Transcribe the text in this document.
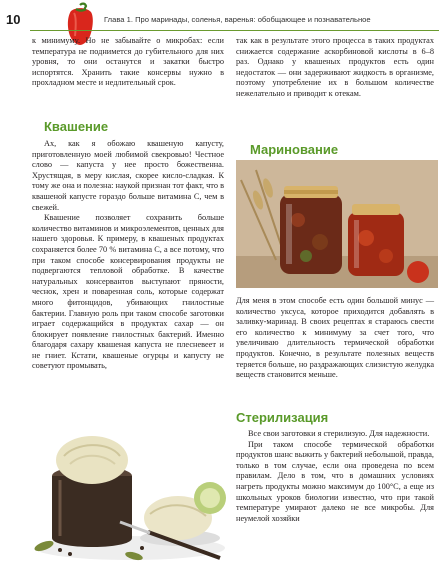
10	Глава 1. Про маринады, соленья, варенья: обобщающее и познавательное

к минимуму. Но не забывайте о микробах: если температура не поднимется до губительного для них уровня, то они останутся и закатки быстро испортятся. Хранить такие консервы нужно в прохладном месте и недлительный срок.

Квашение

Ах, как я обожаю квашеную капусту, приготовленную моей любимой свекровью! Честное слово — капуста у нее просто божественна. Хрустящая, в меру кислая, скорее кисло-сладкая. К тому же она и полезна: наукой признан тот факт, что в квашеной капусте гораздо больше витамина С, чем в свежей.

Квашение позволяет сохранить больше количество витаминов и микроэлементов, ценных для нашего здоровья. К примеру, в квашеных продуктах сохраняется более 70 % витамина С, а все потому, что при таком способе консервирования продукты не подвергаются тепловой обработке. В качестве натуральных консервантов выступают пряности, чеснок, хрен и поваренная соль, которые содержат много фитонцидов, убивающих гнилостные бактерии. Главную роль при таком способе заготовки играет содержащийся в продуктах сахар — он блокирует появление гнилостных бактерий. Именно благодаря сахару квашеная капуста не плесневеет и не гниет. Кстати, квашеные огурцы и капусту не советуют промывать,

так как в результате этого процесса в таких продуктах снижается содержание аскорбиновой кислоты в 6–8 раз. Однако у квашеных продуктов есть один недостаток — они задерживают жидкость в организме, поэтому употребление их в большом количестве нежелательно и приводит к отекам.

Маринование

Для меня в этом способе есть один большой минус — количество уксуса, которое приходится добавлять в заливку-маринад. В своих рецептах я стараюсь свести его количество к минимуму за счет того, что увеличиваю длительность термической обработки продуктов. Конечно, в результате полезных веществ теряется больше, но раздражающих слизистую желудка веществ становится меньше.

Стерилизация

Все свои заготовки я стерилизую. Для надежности.

При таком способе термической обработки продуктов шанс выжить у бактерий небольшой, правда, только в том случае, если она проведена по всем правилам. Дело в том, что в домашних условиях нагреть продукты можно максимум до 100°С, а еще из школьных уроков биологии известно, что при такой температуре умирают далеко не все микробы. Для неумелой хозяйки
